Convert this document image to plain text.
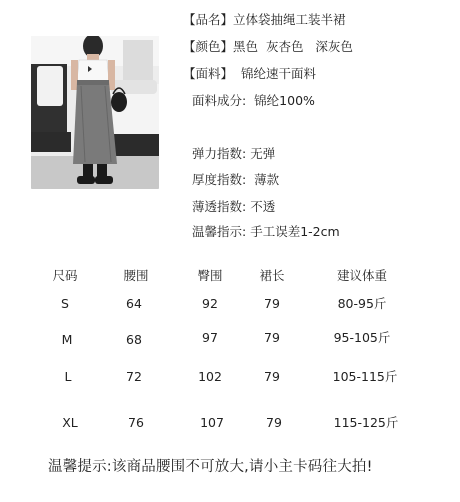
【品名】立体袋抽绳工装半裙
【颜色】黑色  灰杏色   深灰色
【面料】  锦纶速干面料
面料成分:  锦纶100%
弹力指数: 无弹
厚度指数:  薄款
薄透指数: 不透
温馨指示: 手工误差1-2cm
尺码	腰围	臀围	裙长	建议体重
S	64	92	79	80-95斤
M	68	97	79	95-105斤
L	72	102	79	105-115斤
XL	76	107	79	115-125斤
温馨提示:该商品腰围不可放大,请小主卡码往大拍!
